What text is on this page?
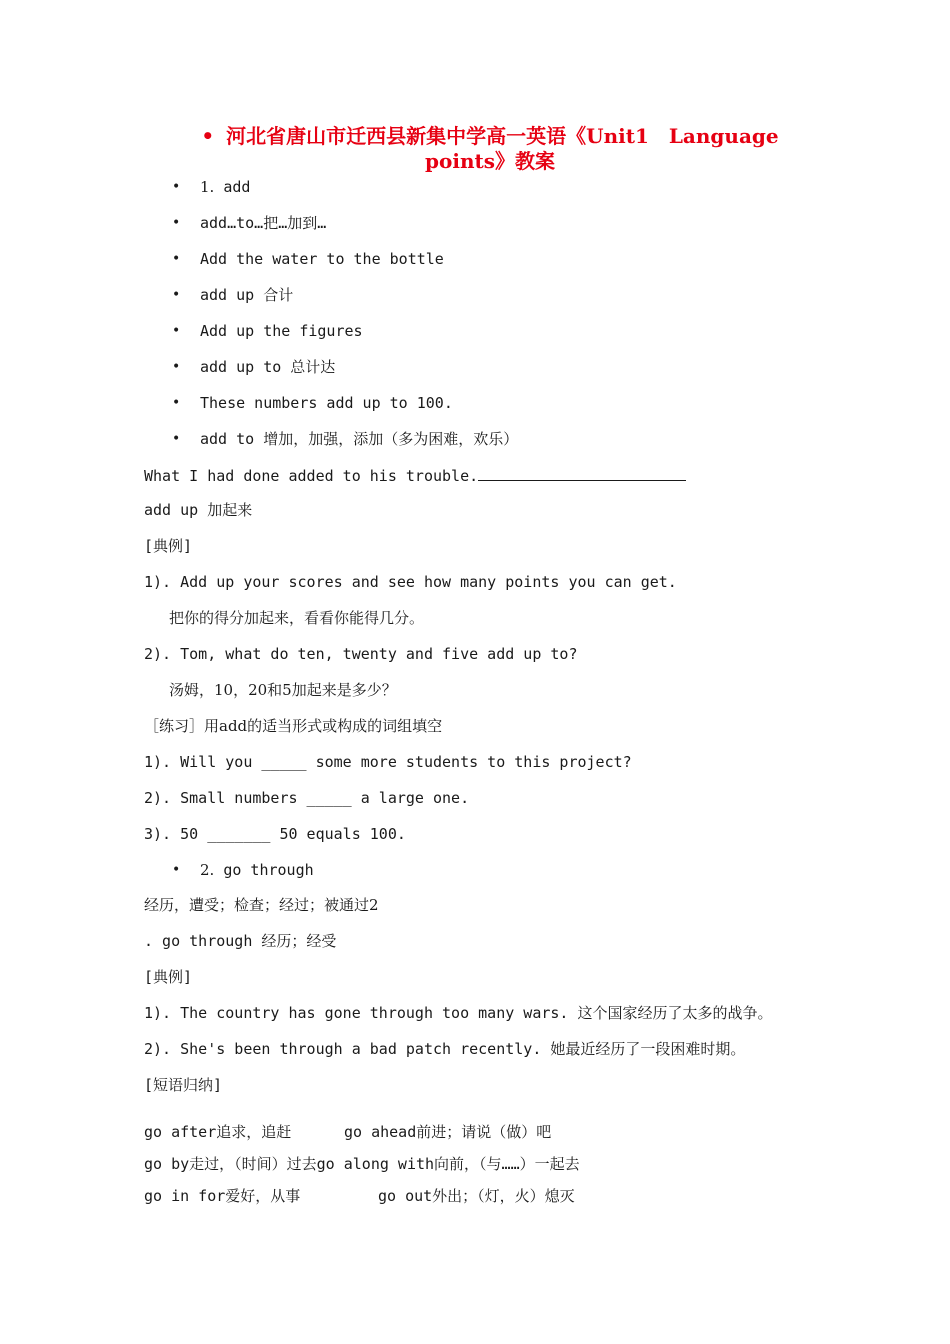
• 河北省唐山市迁西县新集中学高一英语《Unit1　Language points》教案
• 1. add
• add…to…把…加到…
• Add the water to the bottle
• add up 合计
• Add up the figures
• add up to 总计达
• These numbers add up to 100.
• add to 增加，加强，添加（多为困难，欢乐）
What I had done added to his trouble.
add up 加起来
[典例]
1). Add up your scores and see how many points you can get.
把你的得分加起来，看看你能得几分。
2). Tom, what do ten, twenty and five add up to?
汤姆，10，20和5加起来是多少？
［练习］用add的适当形式或构成的词组填空
1). Will you _____ some more students to this project?
2). Small numbers _____ a large one.
3). 50 _______ 50 equals 100.
• 2. go through
经历，遭受；检查；经过；被通过2
. go through 经历；经受
[典例]
1). The country has gone through too many wars. 这个国家经历了太多的战争。
2). She's been through a bad patch recently. 她最近经历了一段困难时期。
[短语归纳]
go after追求，追赶	go ahead前进；请说（做）吧
go by走过，（时间）过去go along with向前，（与……）一起去
go in for爱好，从事	go out外出；（灯，火）熄灭
